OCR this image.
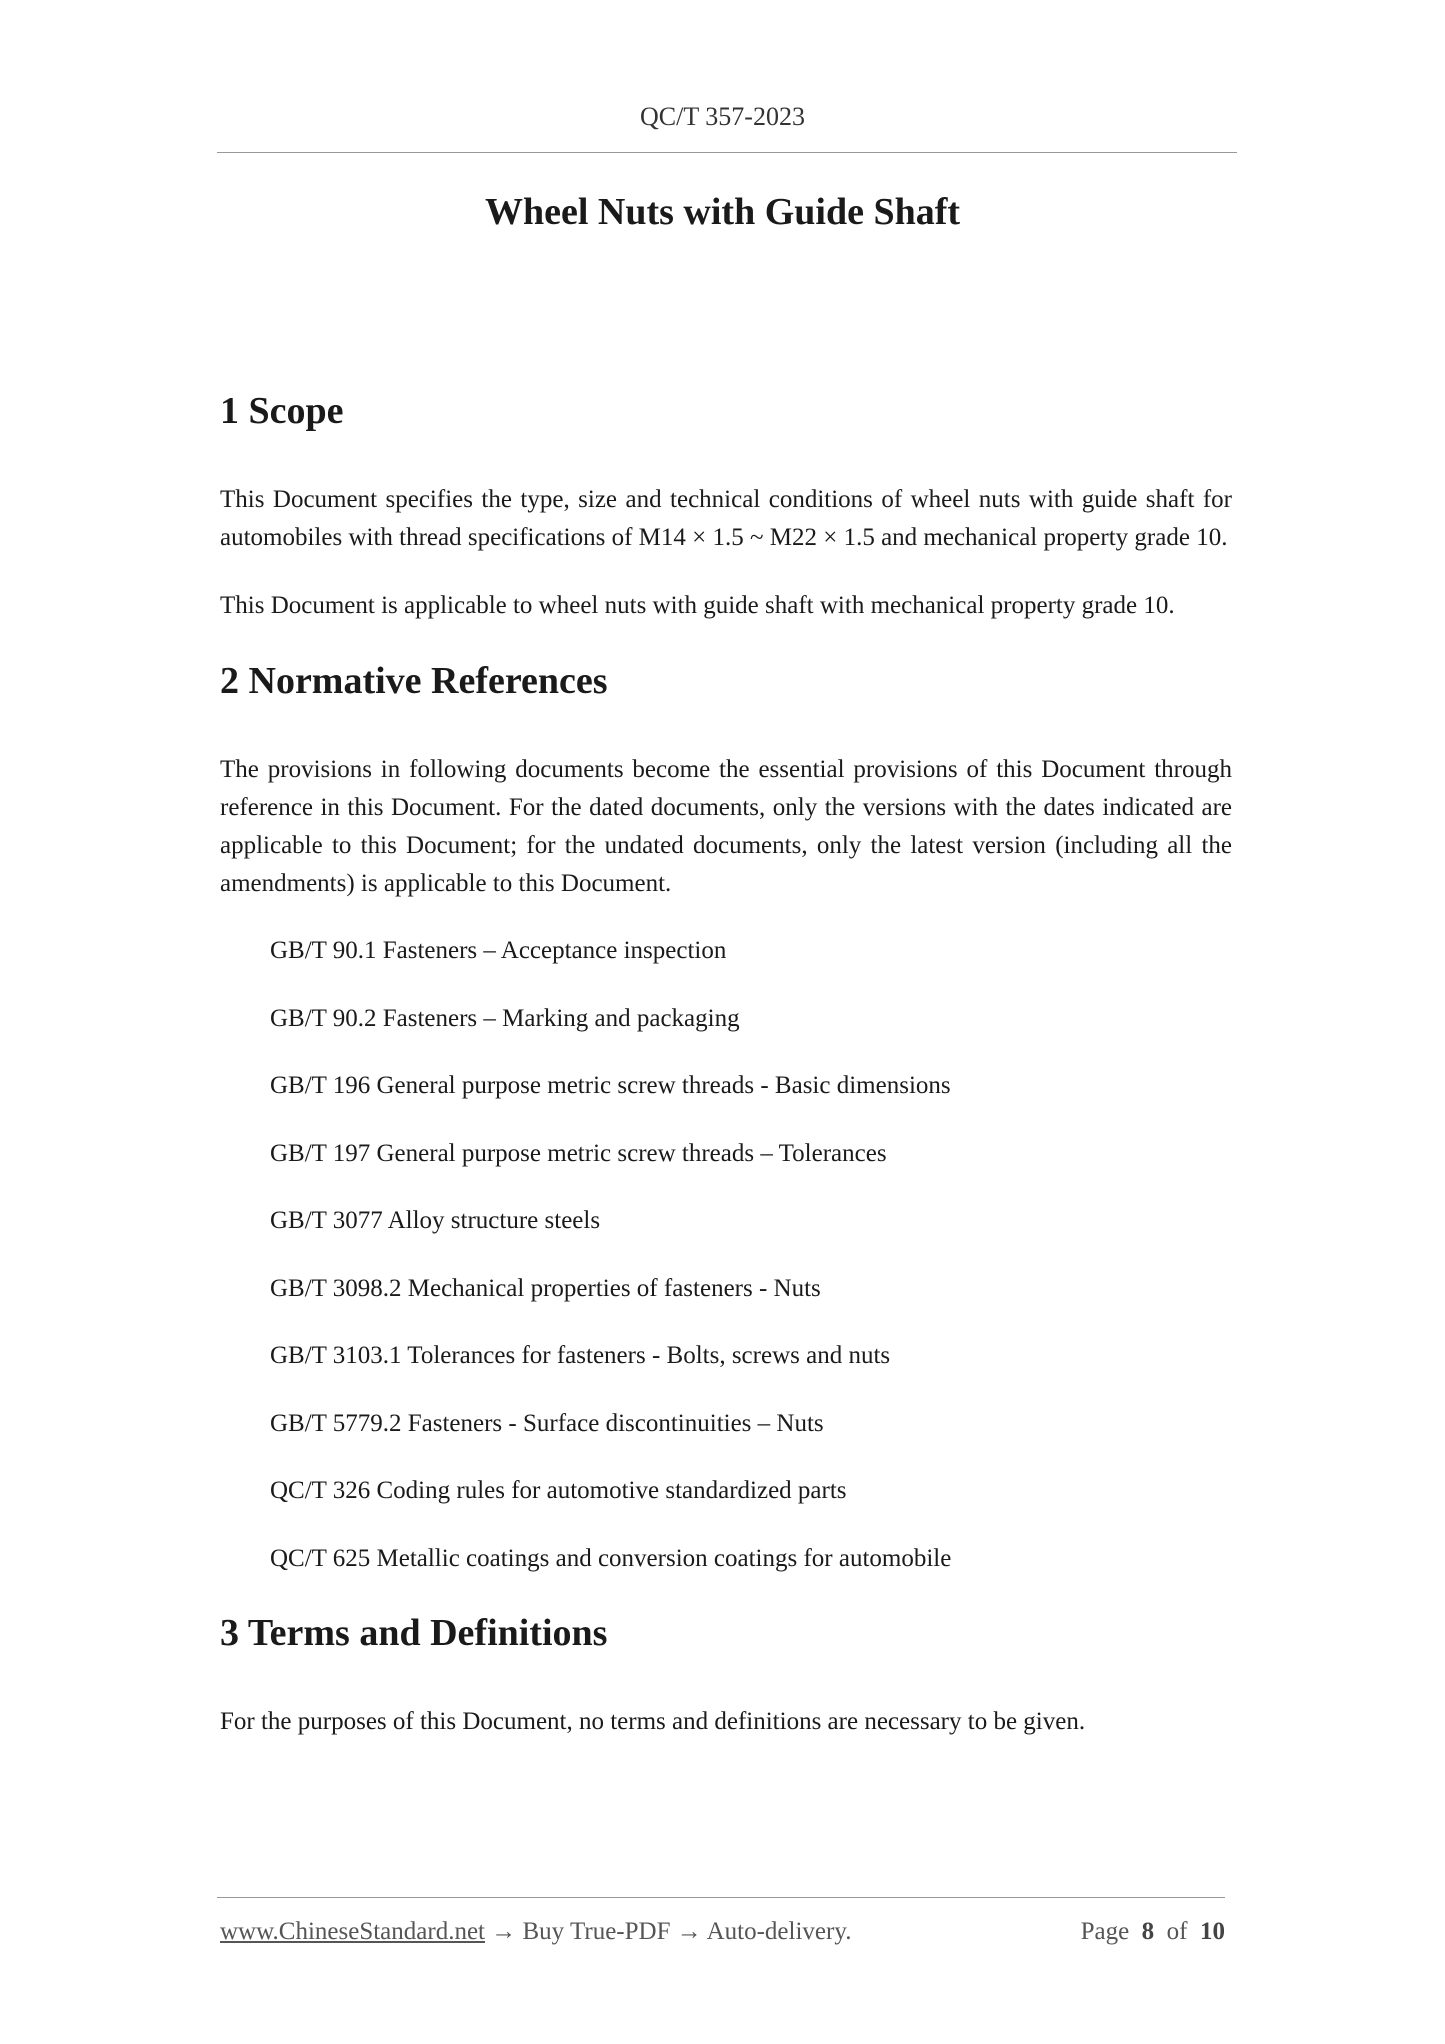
QC/T 357-2023
Wheel Nuts with Guide Shaft
1 Scope

This Document specifies the type, size and technical conditions of wheel nuts with guide shaft for automobiles with thread specifications of M14 × 1.5 ~ M22 × 1.5 and mechanical property grade 10.

This Document is applicable to wheel nuts with guide shaft with mechanical property grade 10.

2 Normative References

The provisions in following documents become the essential provisions of this Document through reference in this Document. For the dated documents, only the versions with the dates indicated are applicable to this Document; for the undated documents, only the latest version (including all the amendments) is applicable to this Document.

GB/T 90.1 Fasteners – Acceptance inspection
GB/T 90.2 Fasteners – Marking and packaging
GB/T 196 General purpose metric screw threads - Basic dimensions
GB/T 197 General purpose metric screw threads – Tolerances
GB/T 3077 Alloy structure steels
GB/T 3098.2 Mechanical properties of fasteners - Nuts
GB/T 3103.1 Tolerances for fasteners - Bolts, screws and nuts
GB/T 5779.2 Fasteners - Surface discontinuities – Nuts
QC/T 326 Coding rules for automotive standardized parts
QC/T 625 Metallic coatings and conversion coatings for automobile
3 Terms and Definitions

For the purposes of this Document, no terms and definitions are necessary to be given.

www.ChineseStandard.net → Buy True-PDF → Auto-delivery.	Page 8 of 10
